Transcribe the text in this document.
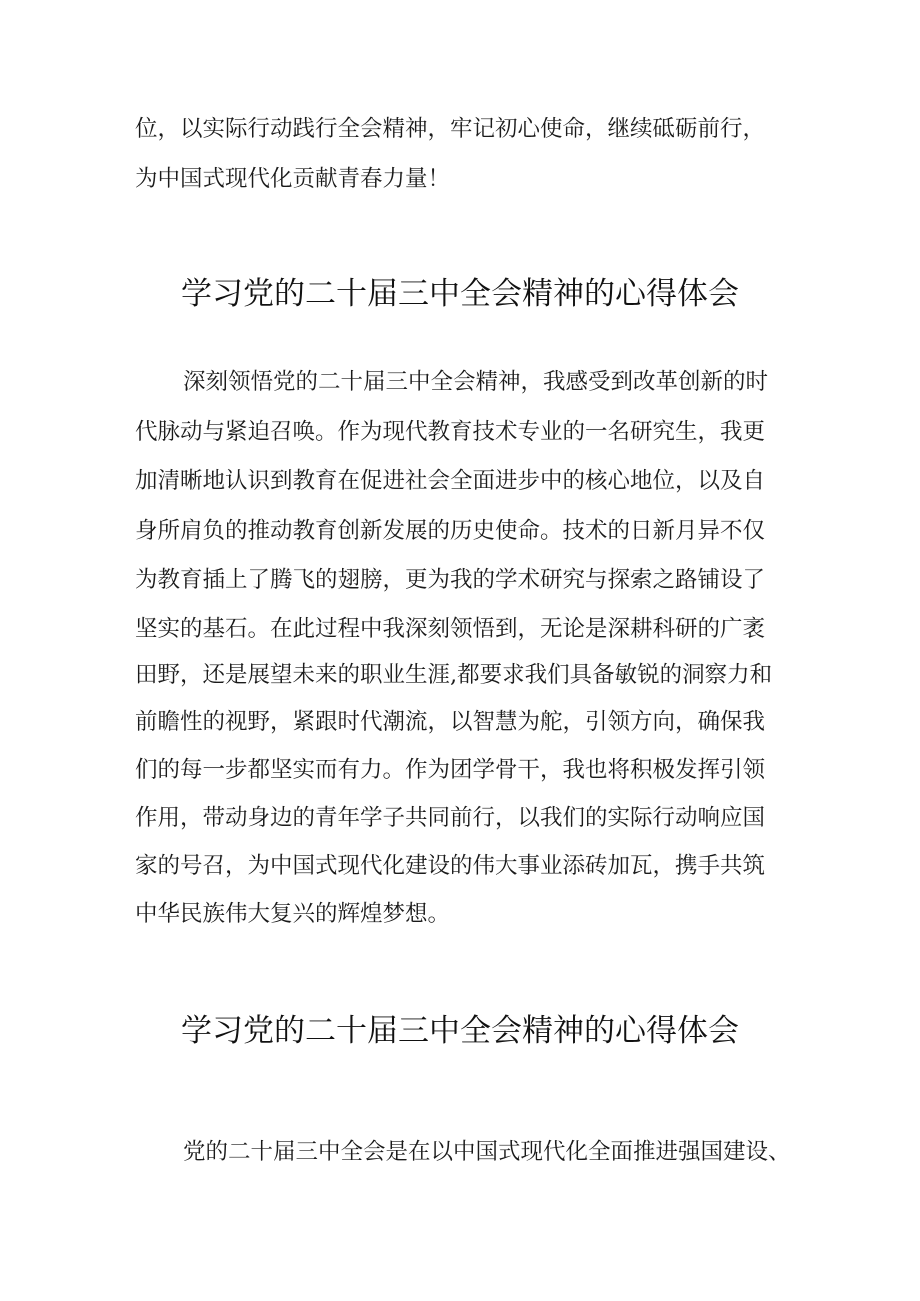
位，以实际行动践行全会精神，牢记初心使命，继续砥砺前行，

为中国式现代化贡献青春力量！

学习党的二十届三中全会精神的心得体会

深刻领悟党的二十届三中全会精神，我感受到改革创新的时

代脉动与紧迫召唤。作为现代教育技术专业的一名研究生，我更

加清晰地认识到教育在促进社会全面进步中的核心地位，以及自

身所肩负的推动教育创新发展的历史使命。技术的日新月异不仅

为教育插上了腾飞的翅膀，更为我的学术研究与探索之路铺设了

坚实的基石。在此过程中我深刻领悟到，无论是深耕科研的广袤

田野，还是展望未来的职业生涯,都要求我们具备敏锐的洞察力和

前瞻性的视野，紧跟时代潮流，以智慧为舵，引领方向，确保我

们的每一步都坚实而有力。作为团学骨干，我也将积极发挥引领

作用，带动身边的青年学子共同前行，以我们的实际行动响应国

家的号召，为中国式现代化建设的伟大事业添砖加瓦，携手共筑

中华民族伟大复兴的辉煌梦想。

学习党的二十届三中全会精神的心得体会

党的二十届三中全会是在以中国式现代化全面推进强国建设、
